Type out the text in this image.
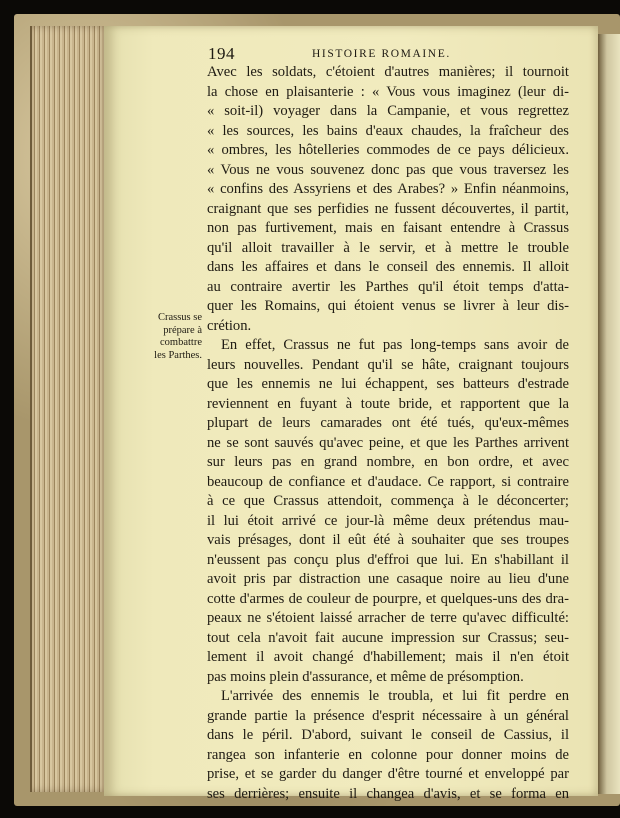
194	HISTOIRE ROMAINE.
Crassus se
prépare à
combattre
les Parthes.
Avec les soldats, c'étoient d'autres manières; il tournoit
la chose en plaisanterie : « Vous vous imaginez (leur di-
« soit-il) voyager dans la Campanie, et vous regrettez
« les sources, les bains d'eaux chaudes, la fraîcheur des
« ombres, les hôtelleries commodes de ce pays délicieux.
« Vous ne vous souvenez donc pas que vous traversez les
« confins des Assyriens et des Arabes? » Enfin néanmoins,
craignant que ses perfidies ne fussent découvertes, il partit,
non pas furtivement, mais en faisant entendre à Crassus
qu'il alloit travailler à le servir, et à mettre le trouble
dans les affaires et dans le conseil des ennemis. Il alloit
au contraire avertir les Parthes qu'il étoit temps d'atta-
quer les Romains, qui étoient venus se livrer à leur dis-
crétion.
En effet, Crassus ne fut pas long-temps sans avoir de
leurs nouvelles. Pendant qu'il se hâte, craignant toujours
que les ennemis ne lui échappent, ses batteurs d'estrade
reviennent en fuyant à toute bride, et rapportent que la
plupart de leurs camarades ont été tués, qu'eux-mêmes
ne se sont sauvés qu'avec peine, et que les Parthes arrivent
sur leurs pas en grand nombre, en bon ordre, et avec
beaucoup de confiance et d'audace. Ce rapport, si contraire
à ce que Crassus attendoit, commença à le déconcerter;
il lui étoit arrivé ce jour-là même deux prétendus mau-
vais présages, dont il eût été à souhaiter que ses troupes
n'eussent pas conçu plus d'effroi que lui. En s'habillant il
avoit pris par distraction une casaque noire au lieu d'une
cotte d'armes de couleur de pourpre, et quelques-uns des dra-
peaux ne s'étoient laissé arracher de terre qu'avec difficulté:
tout cela n'avoit fait aucune impression sur Crassus; seu-
lement il avoit changé d'habillement; mais il n'en étoit
pas moins plein d'assurance, et même de présomption.
L'arrivée des ennemis le troubla, et lui fit perdre en
grande partie la présence d'esprit nécessaire à un général
dans le péril. D'abord, suivant le conseil de Cassius, il
rangea son infanterie en colonne pour donner moins de
prise, et se garder du danger d'être tourné et enveloppé par
ses derrières; ensuite il changea d'avis, et se forma en
